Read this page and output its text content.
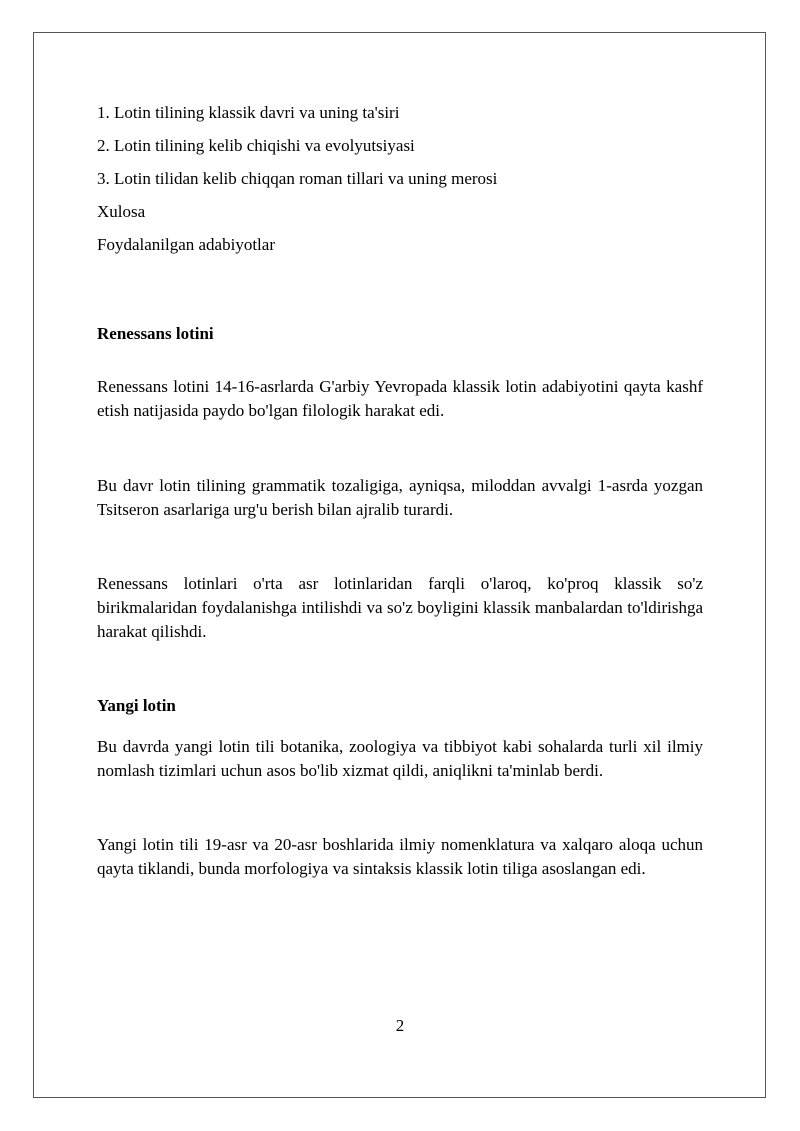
1. Lotin tilining klassik davri va uning ta'siri

2. Lotin tilining kelib chiqishi va evolyutsiyasi

3. Lotin tilidan kelib chiqqan roman tillari va uning merosi

Xulosa

Foydalanilgan adabiyotlar

Renessans lotini

Renessans lotini 14-16-asrlarda G'arbiy Yevropada klassik lotin adabiyotini qayta kashf etish natijasida paydo bo'lgan filologik harakat edi.

Bu davr lotin tilining grammatik tozaligiga, ayniqsa, miloddan avvalgi 1-asrda yozgan Tsitseron asarlariga urg'u berish bilan ajralib turardi.

Renessans lotinlari o'rta asr lotinlaridan farqli o'laroq, ko'proq klassik so'z birikmalaridan foydalanishga intilishdi va so'z boyligini klassik manbalardan to'ldirishga harakat qilishdi.

Yangi lotin

Bu davrda yangi lotin tili botanika, zoologiya va tibbiyot kabi sohalarda turli xil ilmiy nomlash tizimlari uchun asos bo'lib xizmat qildi, aniqlikni ta'minlab berdi.

Yangi lotin tili 19-asr va 20-asr boshlarida ilmiy nomenklatura va xalqaro aloqa uchun qayta tiklandi, bunda morfologiya va sintaksis klassik lotin tiliga asoslangan edi.

2
